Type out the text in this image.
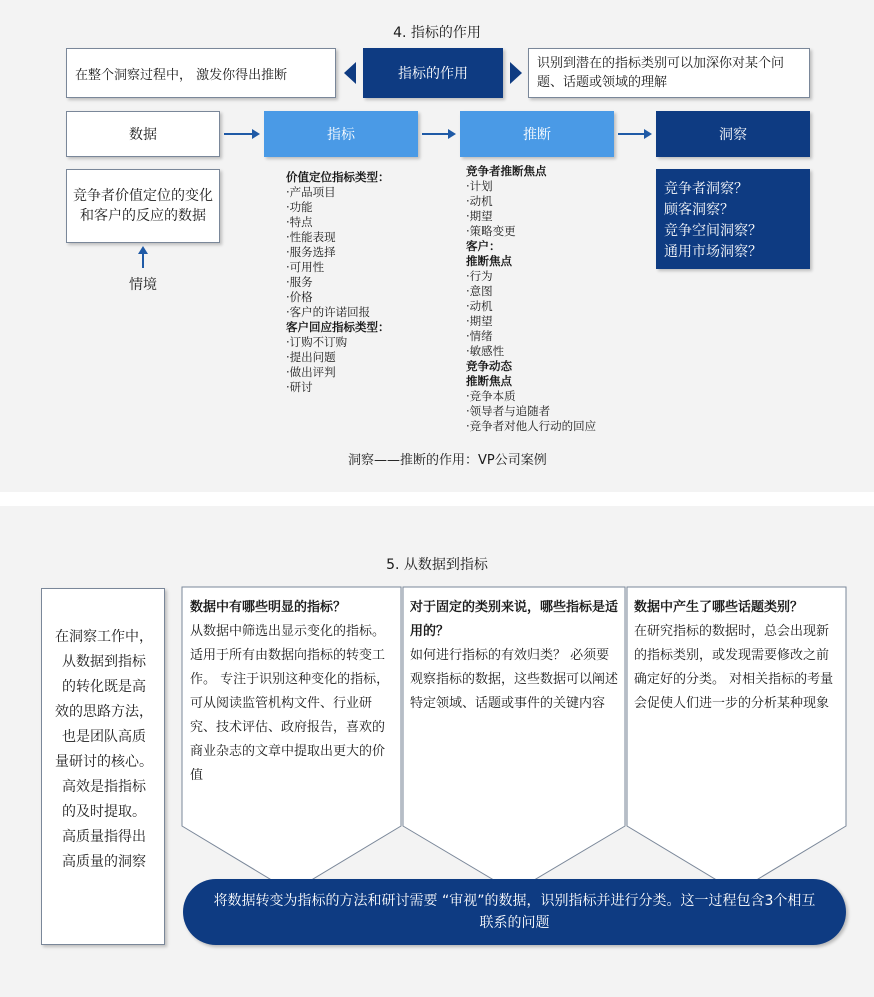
4. 指标的作用
在整个洞察过程中， 激发你得出推断	指标的作用
识别到潜在的指标类别可以加深你对某个问题、话题或领域的理解
数据	指标	推断	洞察
竞争者价值定位的变化和客户的反应的数据
情境
价值定位指标类型：
·产品项目
·功能
·特点
·性能表现
·服务选择
·可用性
·服务
·价格
·客户的许诺回报
客户回应指标类型：
·订购不订购
·提出问题
·做出评判
·研讨
竞争者推断焦点
·计划
·动机
·期望
·策略变更
客户：
推断焦点
·行为
·意图
·动机
·期望
·情绪
·敏感性
竞争动态
推断焦点
·竞争本质
·领导者与追随者
·竞争者对他人行动的回应
竞争者洞察？
顾客洞察？
竞争空间洞察？
通用市场洞察？
洞察——推断的作用：VP公司案例
5. 从数据到指标
在洞察工作中，
从数据到指标
的转化既是高
效的思路方法，
也是团队高质
量研讨的核心。
高效是指指标
的及时提取。
高质量指得出
高质量的洞察
数据中有哪些明显的指标？
从数据中筛选出显示变化的指标。 适用于所有由数据向指标的转变工作。 专注于识别这种变化的指标，可从阅读监管机构文件、行业研究、技术评估、政府报告，喜欢的商业杂志的文章中提取出更大的价值
对于固定的类别来说，哪些指标是适用的？
如何进行指标的有效归类？ 必须要观察指标的数据，这些数据可以阐述特定领域、话题或事件的关键内容
数据中产生了哪些话题类别？
在研究指标的数据时，总会出现新的指标类别，或发现需要修改之前确定好的分类。 对相关指标的考量会促使人们进一步的分析某种现象
将数据转变为指标的方法和研讨需要 “审视”的数据，识别指标并进行分类。这一过程包含3个相互联系的问题
